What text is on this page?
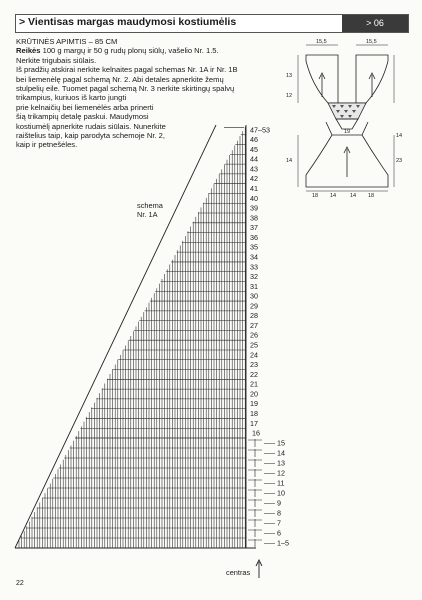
> Vientisas margas maudymosi kostiumėlis	> 06
KRŪTINĖS APIMTIS – 85 CM
Reikės 100 g margų ir 50 g rudų plonų siūlų, vašelio Nr. 1.5.
Nerkite trigubais siūlais.
Iš pradžių atskirai nerkite kelnaites pagal schemas Nr. 1A ir Nr. 1B
bei liemenėlę pagal schemą Nr. 2. Abi detales apnerkite žemų
stulpelių eile. Tuomet pagal schemą Nr. 3 nerkite skirtingų spalvų
trikampius, kuriuos iš karto jungti
prie kelnaičių bei liemenėlės arba prinerti
šią trikampių detalę paskui. Maudymosi
kostiumėlį apnerkite rudais siūlais. Nunerkite
raištelius taip, kaip parodyta schemoje Nr. 2,
kaip ir petnešėles.
47–53
46
45
44
43
42
41
40
39
38
37
36
35
34
33
32
31
30
29
28
27
26
25
24
23
22
21
20
19
18
17
16
15
14
13
12
11
10
9
8
7
6
1–5
schema
Nr. 1A
centras
15,5	15,5
13
12
14
14
23
19
18 14	14 18
22
